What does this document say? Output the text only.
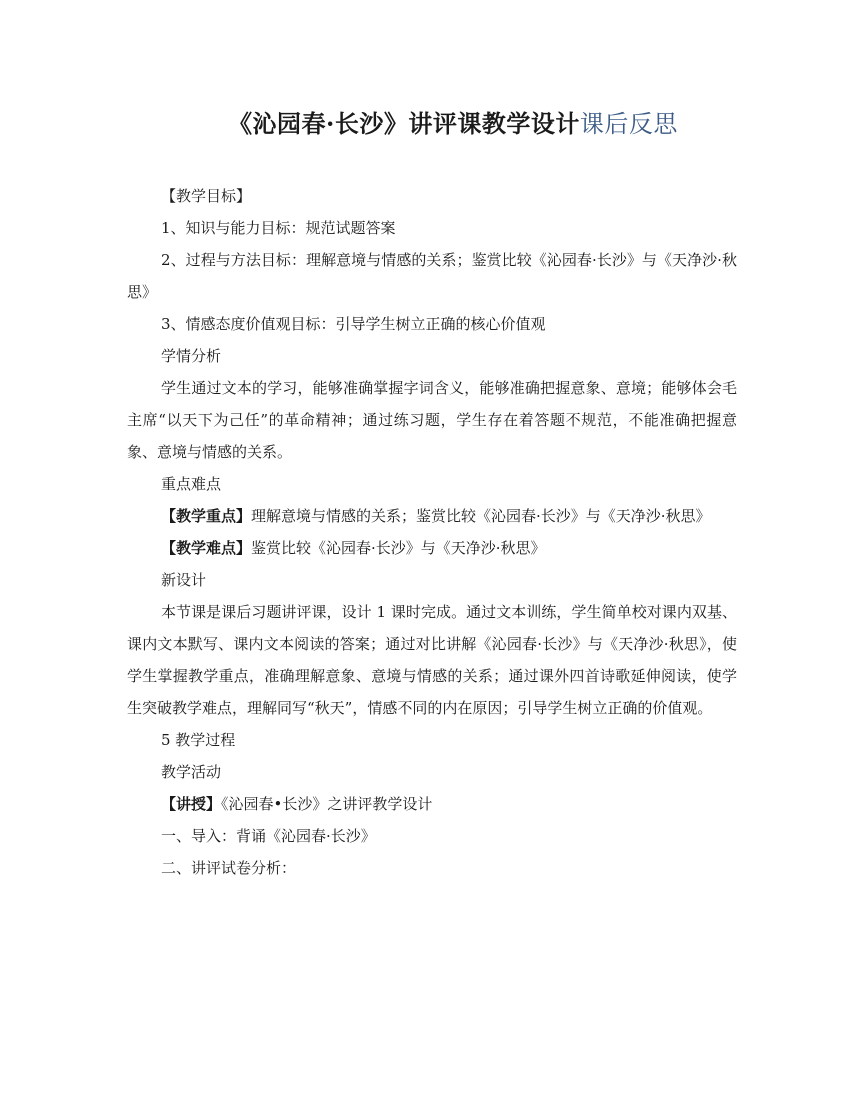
《沁园春·长沙》讲评课教学设计课后反思

【教学目标】

1、知识与能力目标：规范试题答案

2、过程与方法目标：理解意境与情感的关系；鉴赏比较《沁园春·长沙》与《天净沙·秋思》

3、情感态度价值观目标：引导学生树立正确的核心价值观

学情分析

学生通过文本的学习，能够准确掌握字词含义，能够准确把握意象、意境；能够体会毛主席“以天下为己任”的革命精神；通过练习题，学生存在着答题不规范，不能准确把握意象、意境与情感的关系。

重点难点

【教学重点】理解意境与情感的关系；鉴赏比较《沁园春·长沙》与《天净沙·秋思》

【教学难点】鉴赏比较《沁园春·长沙》与《天净沙·秋思》

新设计

本节课是课后习题讲评课，设计 1 课时完成。通过文本训练，学生简单校对课内双基、课内文本默写、课内文本阅读的答案；通过对比讲解《沁园春·长沙》与《天净沙·秋思》，使学生掌握教学重点，准确理解意象、意境与情感的关系；通过课外四首诗歌延伸阅读，使学生突破教学难点，理解同写“秋天”，情感不同的内在原因；引导学生树立正确的价值观。

5 教学过程

教学活动

【讲授】《沁园春•长沙》之讲评教学设计

一、导入：背诵《沁园春·长沙》

二、讲评试卷分析：
